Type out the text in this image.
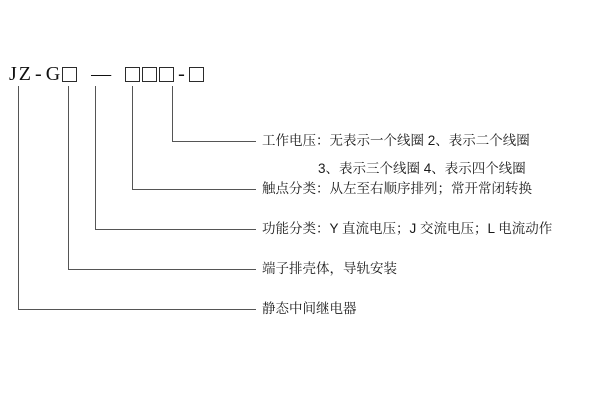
J Z - G —	-
工作电压：无表示一个线圈 2、表示二个线圈
3、表示三个线圈 4、表示四个线圈
触点分类：从左至右顺序排列；常开常闭转换
功能分类：Y 直流电压；J 交流电压；L 电流动作
端子排壳体，导轨安装
静态中间继电器
